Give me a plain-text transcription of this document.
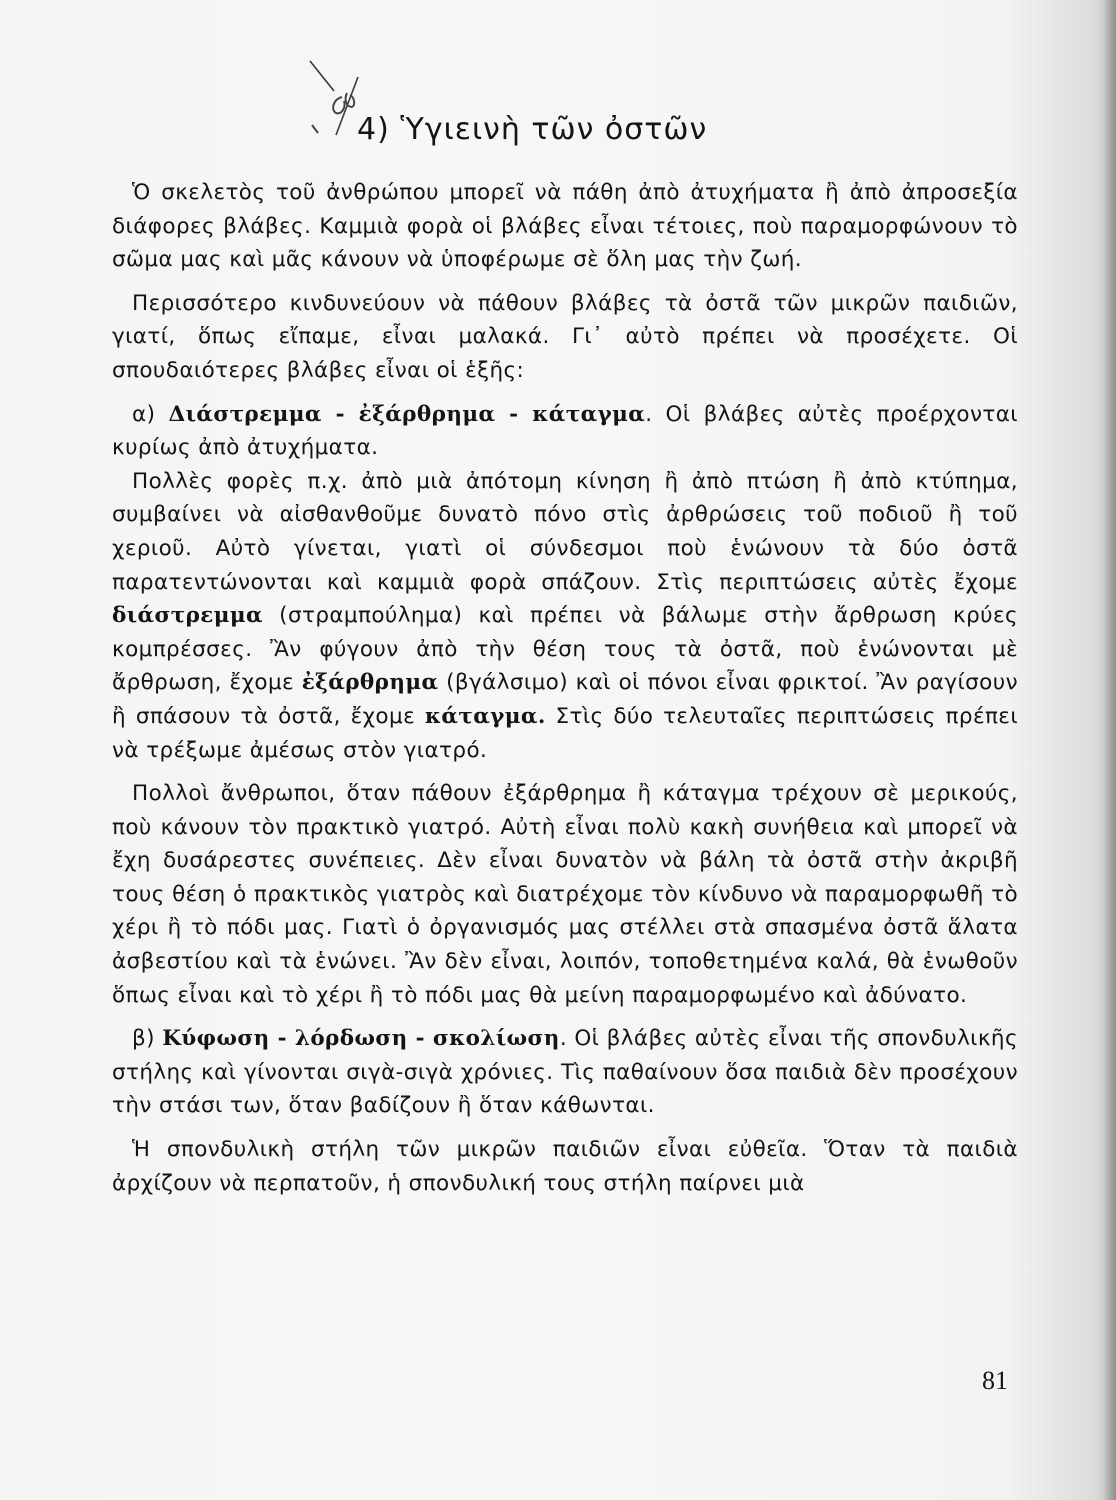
4) Ὑγιεινὴ τῶν ὀστῶν

Ὁ σκελετὸς τοῦ ἀνθρώπου μπορεῖ νὰ πάθη ἀπὸ ἀτυχήματα ἢ ἀπὸ ἀπροσεξία διάφορες βλάβες. Καμμιὰ φορὰ οἱ βλάβες εἶναι τέτοιες, ποὺ παραμορφώνουν τὸ σῶμα μας καὶ μᾶς κάνουν νὰ ὑποφέρωμε σὲ ὅλη μας τὴν ζωή.

Περισσότερο κινδυνεύουν νὰ πάθουν βλάβες τὰ ὀστᾶ τῶν μικρῶν παιδιῶν, γιατί, ὅπως εἴπαμε, εἶναι μαλακά. Γι᾿ αὐτὸ πρέπει νὰ προσέχετε. Οἱ σπουδαιότερες βλάβες εἶναι οἱ ἑξῆς:

α) Διάστρεμμα - ἐξάρθρημα - κάταγμα. Οἱ βλάβες αὐτὲς προέρχονται κυρίως ἀπὸ ἀτυχήματα.

Πολλὲς φορὲς π.χ. ἀπὸ μιὰ ἀπότομη κίνηση ἢ ἀπὸ πτώση ἢ ἀπὸ κτύπημα, συμβαίνει νὰ αἰσθανθοῦμε δυνατὸ πόνο στὶς ἀρθρώσεις τοῦ ποδιοῦ ἢ τοῦ χεριοῦ. Αὐτὸ γίνεται, γιατὶ οἱ σύνδεσμοι ποὺ ἑνώνουν τὰ δύο ὀστᾶ παρατεντώνονται καὶ καμμιὰ φορὰ σπάζουν. Στὶς περιπτώσεις αὐτὲς ἔχομε διάστρεμμα (στραμπούλημα) καὶ πρέπει νὰ βάλωμε στὴν ἄρθρωση κρύες κομπρέσσες. Ἂν φύγουν ἀπὸ τὴν θέση τους τὰ ὀστᾶ, ποὺ ἑνώνονται μὲ ἄρθρωση, ἔχομε ἐξάρθρημα (βγάλσιμο) καὶ οἱ πόνοι εἶναι φρικτοί. Ἂν ραγίσουν ἢ σπάσουν τὰ ὀστᾶ, ἔχομε κάταγμα. Στὶς δύο τελευταῖες περιπτώσεις πρέπει νὰ τρέξωμε ἀμέσως στὸν γιατρό.

Πολλοὶ ἄνθρωποι, ὅταν πάθουν ἐξάρθρημα ἢ κάταγμα τρέχουν σὲ μερικούς, ποὺ κάνουν τὸν πρακτικὸ γιατρό. Αὐτὴ εἶναι πολὺ κακὴ συνήθεια καὶ μπορεῖ νὰ ἔχη δυσάρεστες συνέπειες. Δὲν εἶναι δυνατὸν νὰ βάλη τὰ ὀστᾶ στὴν ἀκριβῆ τους θέση ὁ πρακτικὸς γιατρὸς καὶ διατρέχομε τὸν κίνδυνο νὰ παραμορφωθῆ τὸ χέρι ἢ τὸ πόδι μας. Γιατὶ ὁ ὀργανισμός μας στέλλει στὰ σπασμένα ὀστᾶ ἅλατα ἀσβεστίου καὶ τὰ ἑνώνει. Ἂν δὲν εἶναι, λοιπόν, τοποθετημένα καλά, θὰ ἑνωθοῦν ὅπως εἶναι καὶ τὸ χέρι ἢ τὸ πόδι μας θὰ μείνη παραμορφωμένο καὶ ἀδύνατο.

β) Κύφωση - λόρδωση - σκολίωση. Οἱ βλάβες αὐτὲς εἶναι τῆς σπονδυλικῆς στήλης καὶ γίνονται σιγὰ-σιγὰ χρόνιες. Τὶς παθαίνουν ὅσα παιδιὰ δὲν προσέχουν τὴν στάσι των, ὅταν βαδίζουν ἢ ὅταν κάθωνται.

Ἡ σπονδυλικὴ στήλη τῶν μικρῶν παιδιῶν εἶναι εὐθεῖα. Ὅταν τὰ παιδιὰ ἀρχίζουν νὰ περπατοῦν, ἡ σπονδυλική τους στήλη παίρνει μιὰ

81
